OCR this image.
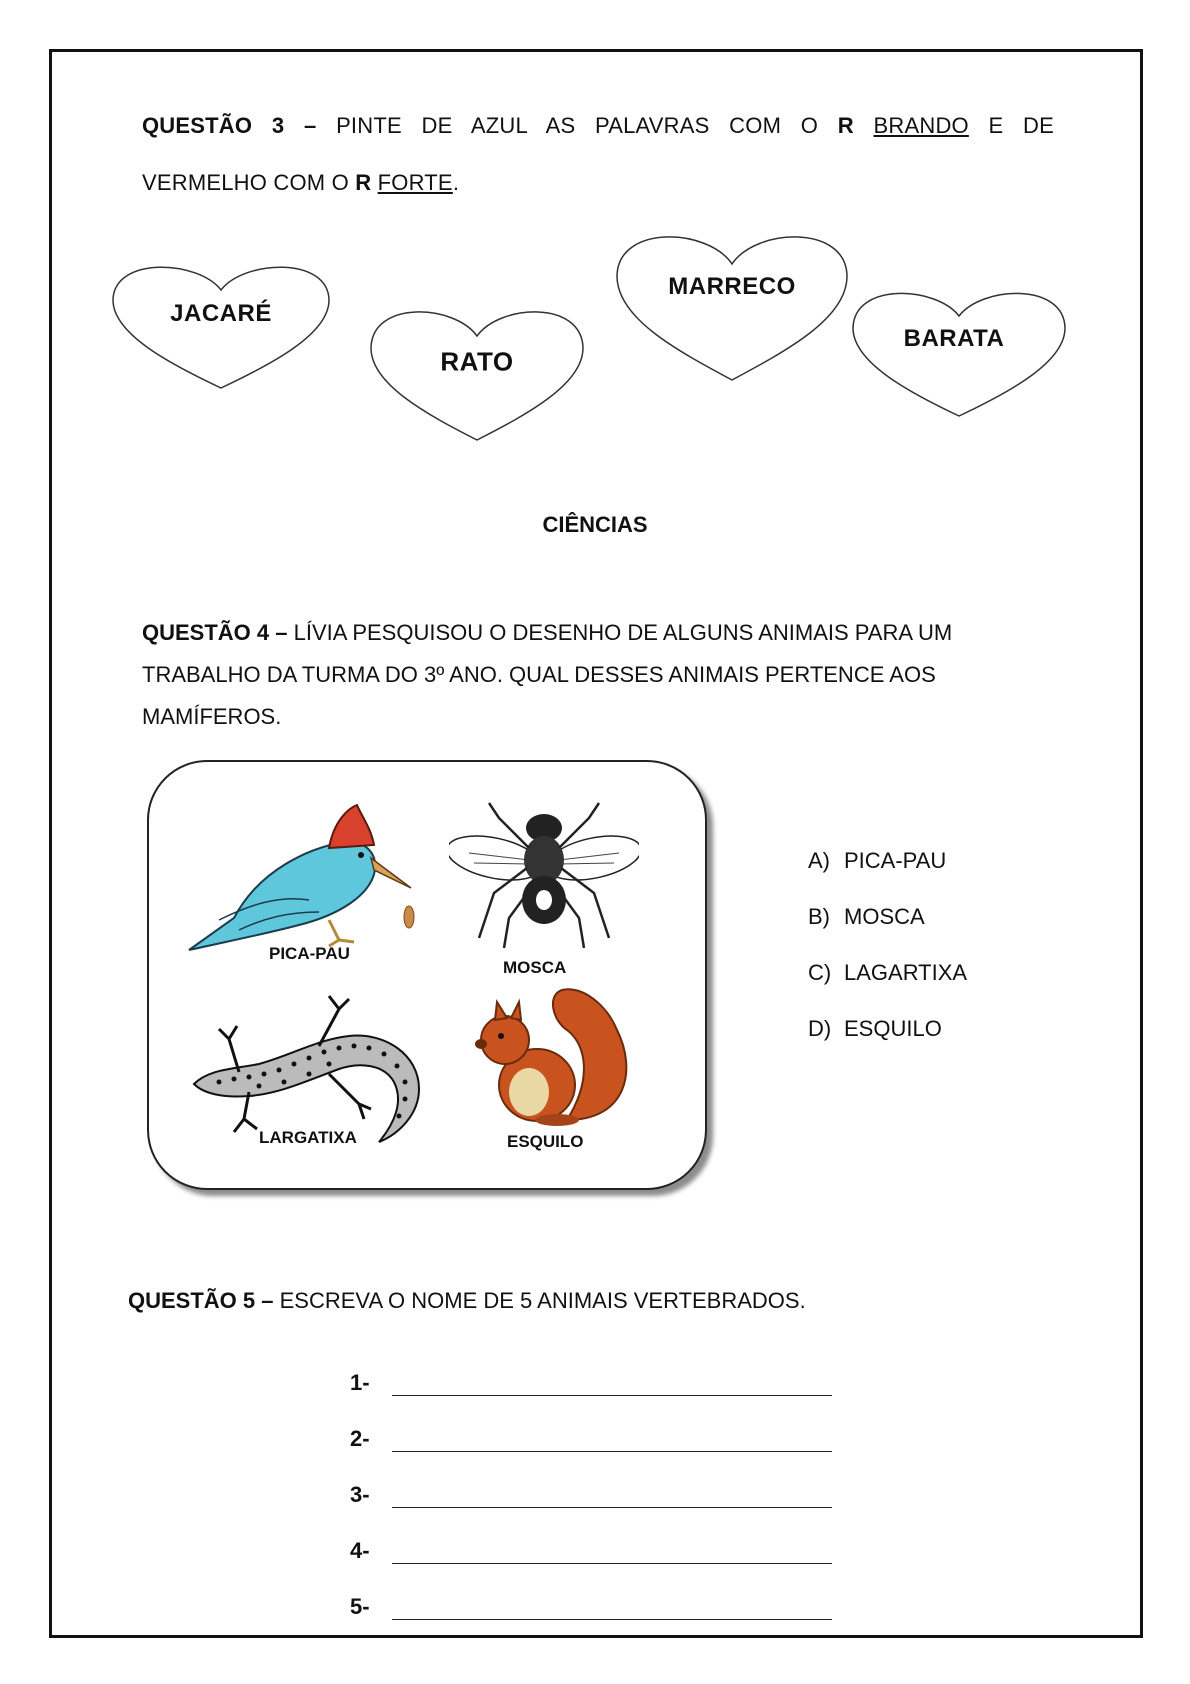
QUESTÃO 3 – PINTE DE AZUL AS PALAVRAS COM O R BRANDO E DE
VERMELHO COM O R FORTE.
JACARÉ
RATO
MARRECO
BARATA
CIÊNCIAS
QUESTÃO 4 – LÍVIA PESQUISOU O DESENHO DE ALGUNS ANIMAIS PARA UM TRABALHO DA TURMA DO 3º ANO. QUAL DESSES ANIMAIS PERTENCE AOS MAMÍFEROS.
PICA-PAU
MOSCA
LARGATIXA	ESQUILO
A) PICA-PAU
B) MOSCA
C) LAGARTIXA
D) ESQUILO
QUESTÃO 5 – ESCREVA O NOME DE 5 ANIMAIS VERTEBRADOS.
1-
2-
3-
4-
5-
